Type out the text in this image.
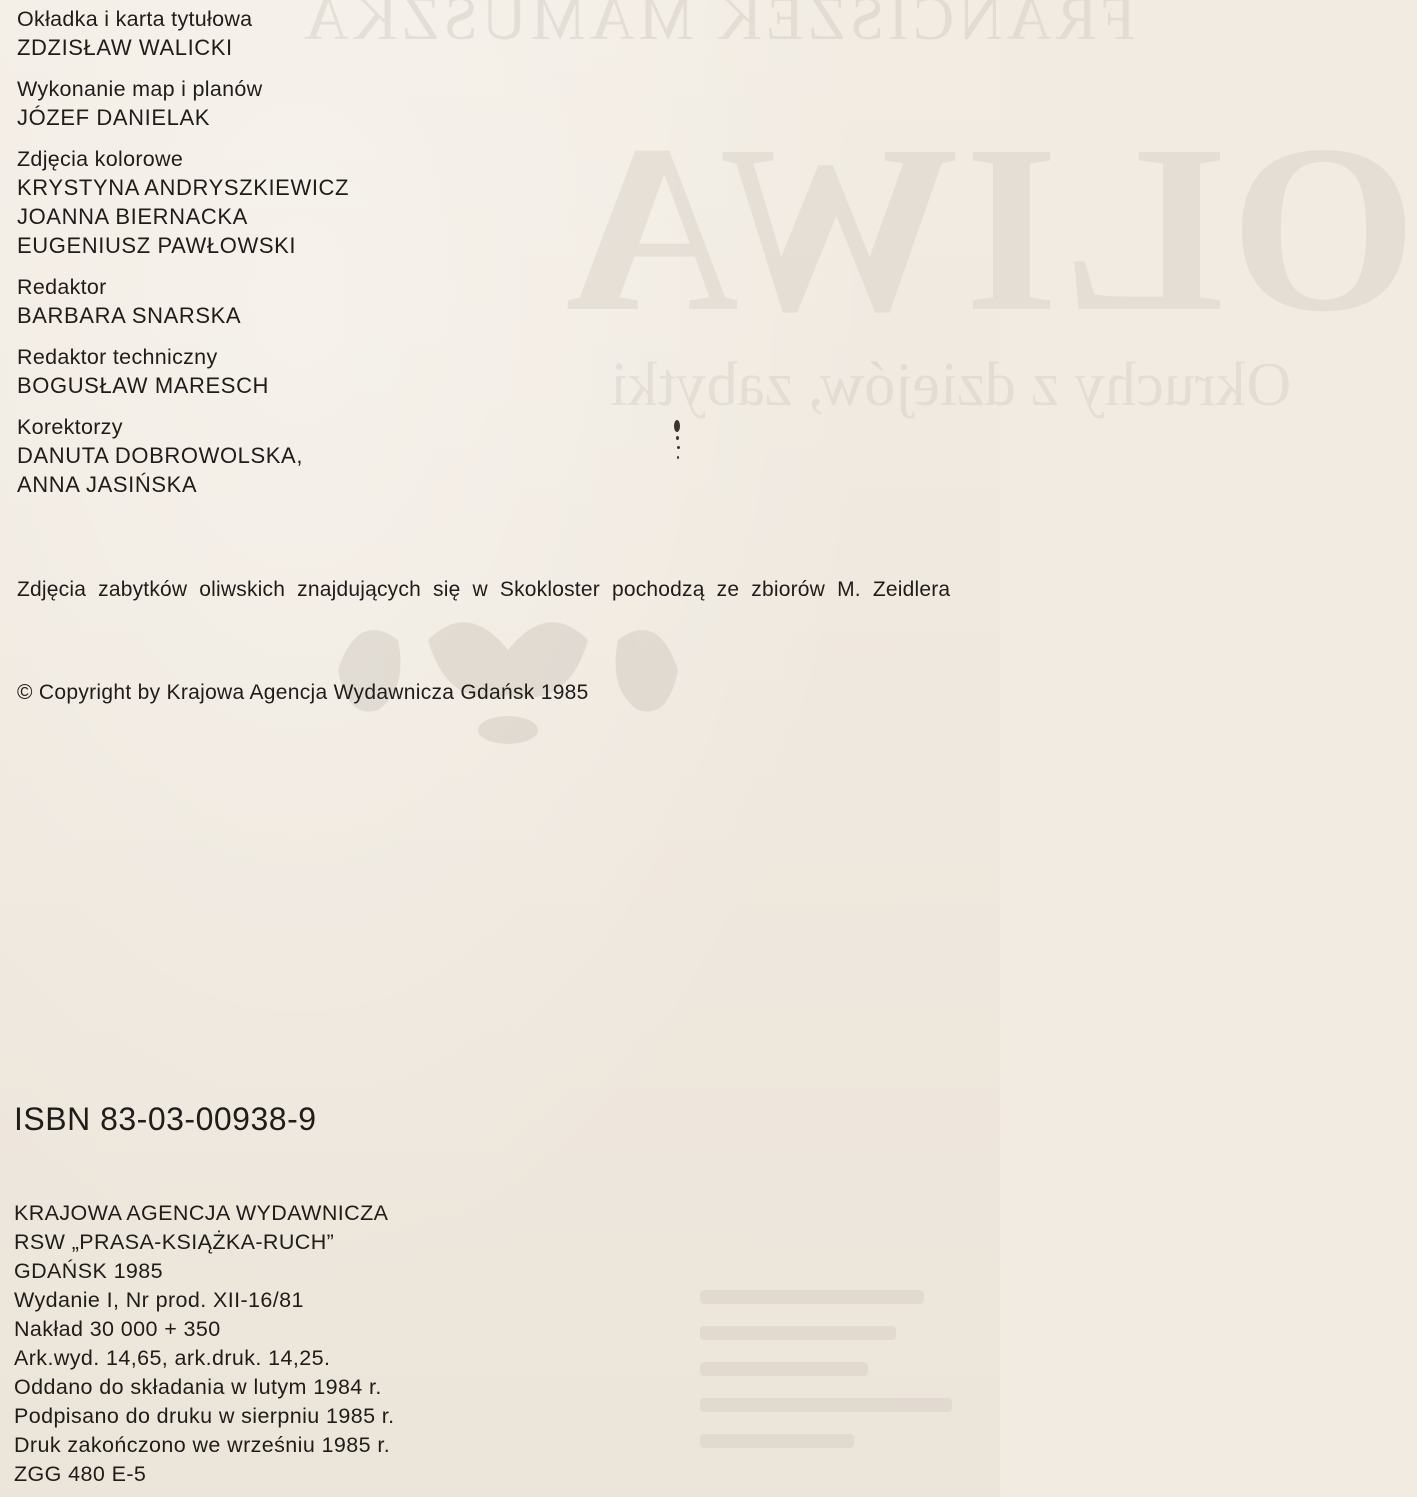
FRANCISZEK MAMUSZKA
OLIWA
Okruchy z dziejów, zabytki
Okładka i karta tytułowa
ZDZISŁAW WALICKI
Wykonanie map i planów
JÓZEF DANIELAK
Zdjęcia kolorowe
KRYSTYNA ANDRYSZKIEWICZ
JOANNA BIERNACKA
EUGENIUSZ PAWŁOWSKI
Redaktor
BARBARA SNARSKA
Redaktor techniczny
BOGUSŁAW MARESCH
Korektorzy
DANUTA DOBROWOLSKA,
ANNA JASIŃSKA
Zdjęcia zabytków oliwskich znajdujących się w Skokloster pochodzą ze zbiorów M. Zeidlera
© Copyright by Krajowa Agencja Wydawnicza Gdańsk 1985
ISBN 83-03-00938-9
KRAJOWA AGENCJA WYDAWNICZA
RSW „PRASA-KSIĄŻKA-RUCH”
GDAŃSK 1985
Wydanie I, Nr prod. XII-16/81
Nakład 30 000 + 350
Ark.wyd. 14,65, ark.druk. 14,25.
Oddano do składania w lutym 1984 r.
Podpisano do druku w sierpniu 1985 r.
Druk zakończono we wrześniu 1985 r.
ZGG 480 E-5
